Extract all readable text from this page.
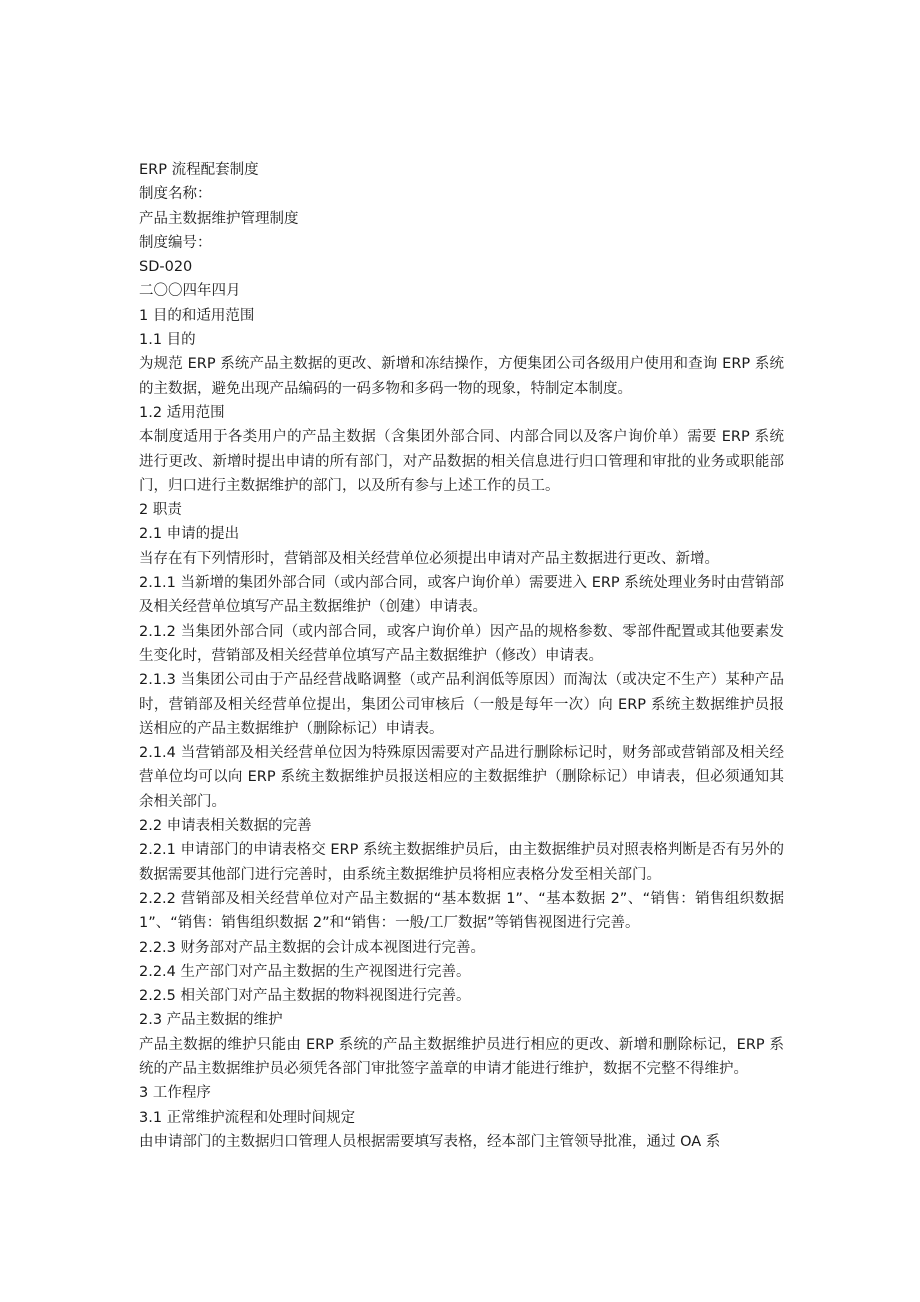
ERP 流程配套制度

制度名称：

产品主数据维护管理制度

制度编号：

SD-020

二〇〇四年四月

1 目的和适用范围

1.1 目的

为规范 ERP 系统产品主数据的更改、新增和冻结操作，方便集团公司各级用户使用和查询 ERP 系统的主数据，避免出现产品编码的一码多物和多码一物的现象，特制定本制度。

1.2 适用范围

本制度适用于各类用户的产品主数据（含集团外部合同、内部合同以及客户询价单）需要 ERP 系统进行更改、新增时提出申请的所有部门，对产品数据的相关信息进行归口管理和审批的业务或职能部门，归口进行主数据维护的部门，以及所有参与上述工作的员工。

2 职责

2.1 申请的提出

当存在有下列情形时，营销部及相关经营单位必须提出申请对产品主数据进行更改、新增。

2.1.1 当新增的集团外部合同（或内部合同，或客户询价单）需要进入 ERP 系统处理业务时由营销部及相关经营单位填写产品主数据维护（创建）申请表。

2.1.2 当集团外部合同（或内部合同，或客户询价单）因产品的规格参数、零部件配置或其他要素发生变化时，营销部及相关经营单位填写产品主数据维护（修改）申请表。

2.1.3 当集团公司由于产品经营战略调整（或产品利润低等原因）而淘汰（或决定不生产）某种产品时，营销部及相关经营单位提出，集团公司审核后（一般是每年一次）向 ERP 系统主数据维护员报送相应的产品主数据维护（删除标记）申请表。

2.1.4 当营销部及相关经营单位因为特殊原因需要对产品进行删除标记时，财务部或营销部及相关经营单位均可以向 ERP 系统主数据维护员报送相应的主数据维护（删除标记）申请表，但必须通知其余相关部门。

2.2 申请表相关数据的完善

2.2.1 申请部门的申请表格交 ERP 系统主数据维护员后，由主数据维护员对照表格判断是否有另外的数据需要其他部门进行完善时，由系统主数据维护员将相应表格分发至相关部门。

2.2.2 营销部及相关经营单位对产品主数据的“基本数据 1”、“基本数据 2”、“销售：销售组织数据 1”、“销售：销售组织数据 2”和“销售：一般/工厂数据”等销售视图进行完善。

2.2.3 财务部对产品主数据的会计成本视图进行完善。

2.2.4 生产部门对产品主数据的生产视图进行完善。

2.2.5 相关部门对产品主数据的物料视图进行完善。

2.3 产品主数据的维护

产品主数据的维护只能由 ERP 系统的产品主数据维护员进行相应的更改、新增和删除标记，ERP 系统的产品主数据维护员必须凭各部门审批签字盖章的申请才能进行维护，数据不完整不得维护。

3 工作程序

3.1 正常维护流程和处理时间规定

由申请部门的主数据归口管理人员根据需要填写表格，经本部门主管领导批准，通过 OA 系
